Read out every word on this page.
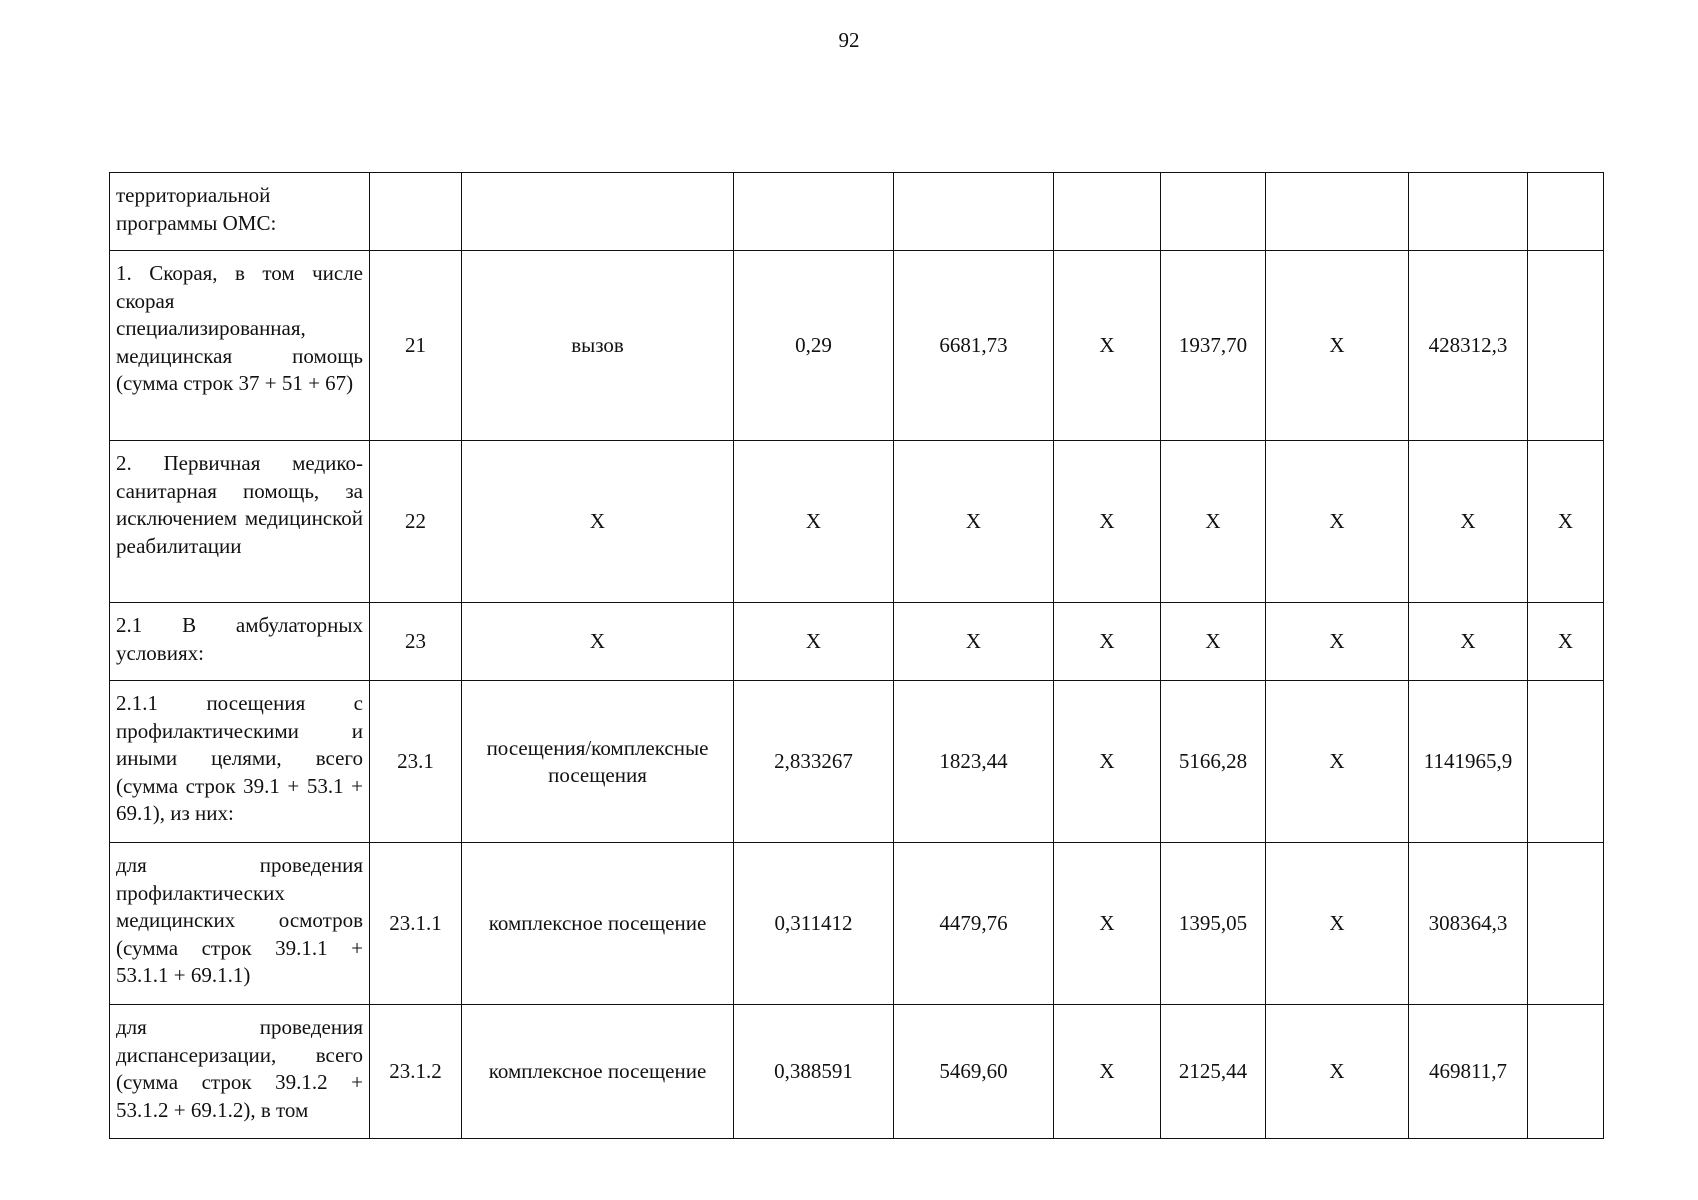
92
территориальной программы ОМС:									
1. Скорая, в том числе скорая специализированная, медицинская помощь (сумма строк 37 + 51 + 67)	21	вызов	0,29	6681,73	X	1937,70	X	428312,3	
2. Первичная медико-санитарная помощь, за исключением медицинской реабилитации	22	X	X	X	X	X	X	X	X
2.1 В амбулаторных условиях:	23	X	X	X	X	X	X	X	X
2.1.1 посещения с профилактическими и иными целями, всего (сумма строк 39.1 + 53.1 + 69.1), из них:	23.1	посещения/комплексные посещения	2,833267	1823,44	X	5166,28	X	1141965,9	
для проведения профилактических медицинских осмотров (сумма строк 39.1.1 + 53.1.1 + 69.1.1)	23.1.1	комплексное посещение	0,311412	4479,76	X	1395,05	X	308364,3	
для проведения диспансеризации, всего (сумма строк 39.1.2 + 53.1.2 + 69.1.2), в том	23.1.2	комплексное посещение	0,388591	5469,60	X	2125,44	X	469811,7	
